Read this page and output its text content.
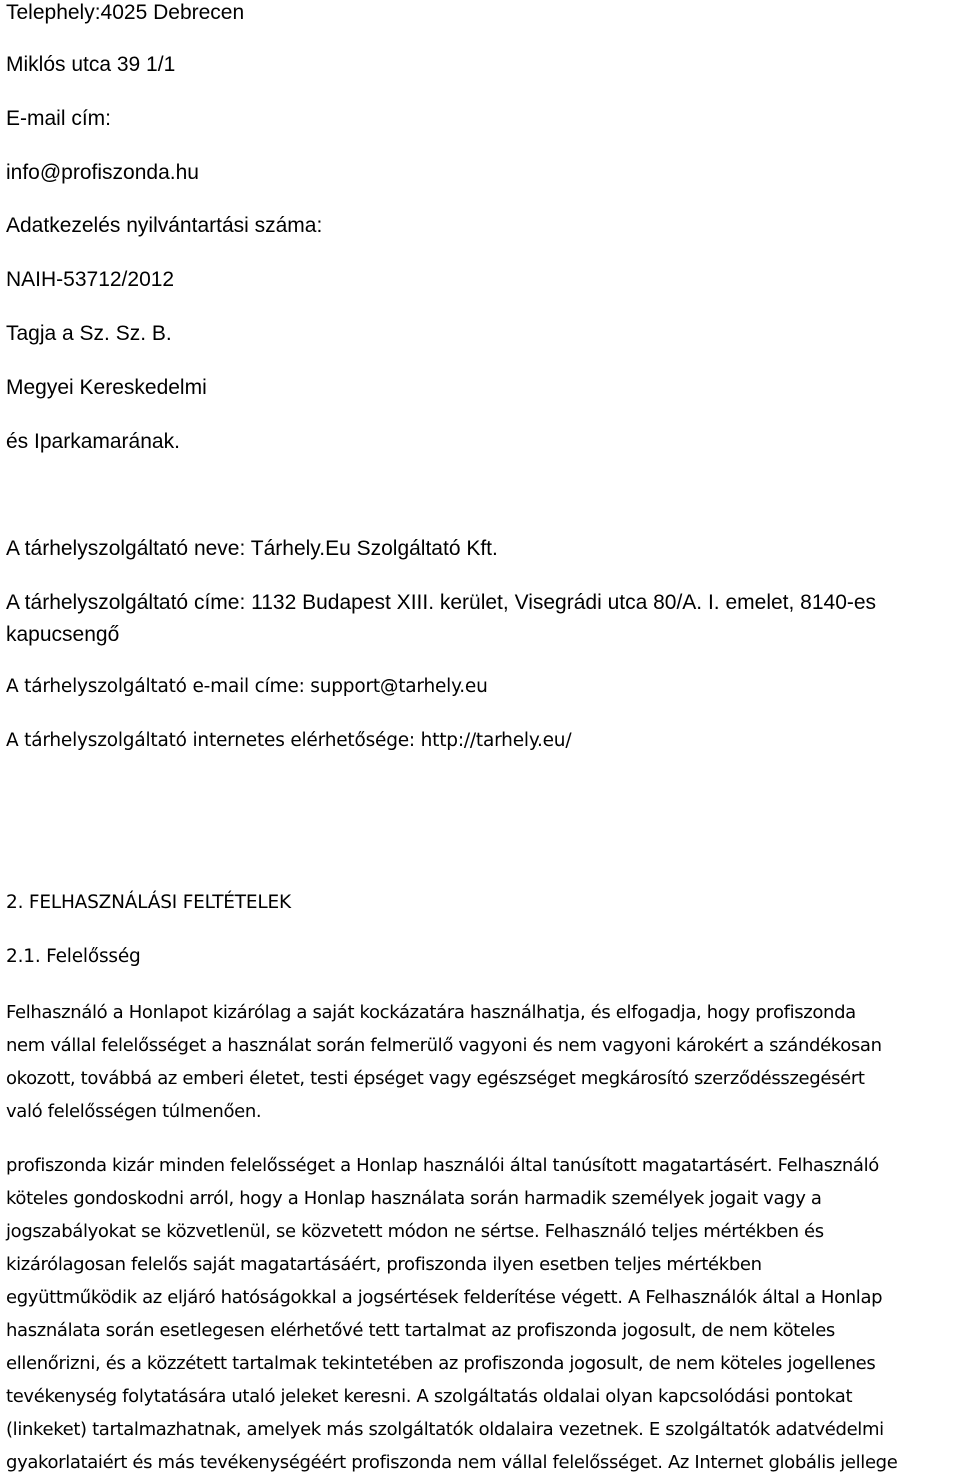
Telephely:4025 Debrecen
Miklós utca 39 1/1
E-mail cím:
info@profiszonda.hu
Adatkezelés nyilvántartási száma:
NAIH-53712/2012
Tagja a Sz. Sz. B.
Megyei Kereskedelmi
és Iparkamarának.
A tárhelyszolgáltató neve: Tárhely.Eu Szolgáltató Kft.
A tárhelyszolgáltató címe: 1132 Budapest XIII. kerület, Visegrádi utca 80/A. I. emelet, 8140-es
kapucsengő
A tárhelyszolgáltató e-mail címe: support@tarhely.eu
A tárhelyszolgáltató internetes elérhetősége: http://tarhely.eu/
2. FELHASZNÁLÁSI FELTÉTELEK
2.1. Felelősség
Felhasználó a Honlapot kizárólag a saját kockázatára használhatja, és elfogadja, hogy profiszonda
nem vállal felelősséget a használat során felmerülő vagyoni és nem vagyoni károkért a szándékosan
okozott, továbbá az emberi életet, testi épséget vagy egészséget megkárosító szerződésszegésért
való felelősségen túlmenően.
profiszonda kizár minden felelősséget a Honlap használói által tanúsított magatartásért. Felhasználó
köteles gondoskodni arról, hogy a Honlap használata során harmadik személyek jogait vagy a
jogszabályokat se közvetlenül, se közvetett módon ne sértse. Felhasználó teljes mértékben és
kizárólagosan felelős saját magatartásáért, profiszonda ilyen esetben teljes mértékben
együttműködik az eljáró hatóságokkal a jogsértések felderítése végett. A Felhasználók által a Honlap
használata során esetlegesen elérhetővé tett tartalmat az profiszonda jogosult, de nem köteles
ellenőrizni, és a közzétett tartalmak tekintetében az profiszonda jogosult, de nem köteles jogellenes
tevékenység folytatására utaló jeleket keresni. A szolgáltatás oldalai olyan kapcsolódási pontokat
(linkeket) tartalmazhatnak, amelyek más szolgáltatók oldalaira vezetnek. E szolgáltatók adatvédelmi
gyakorlataiért és más tevékenységéért profiszonda nem vállal felelősséget. Az Internet globális jellege
